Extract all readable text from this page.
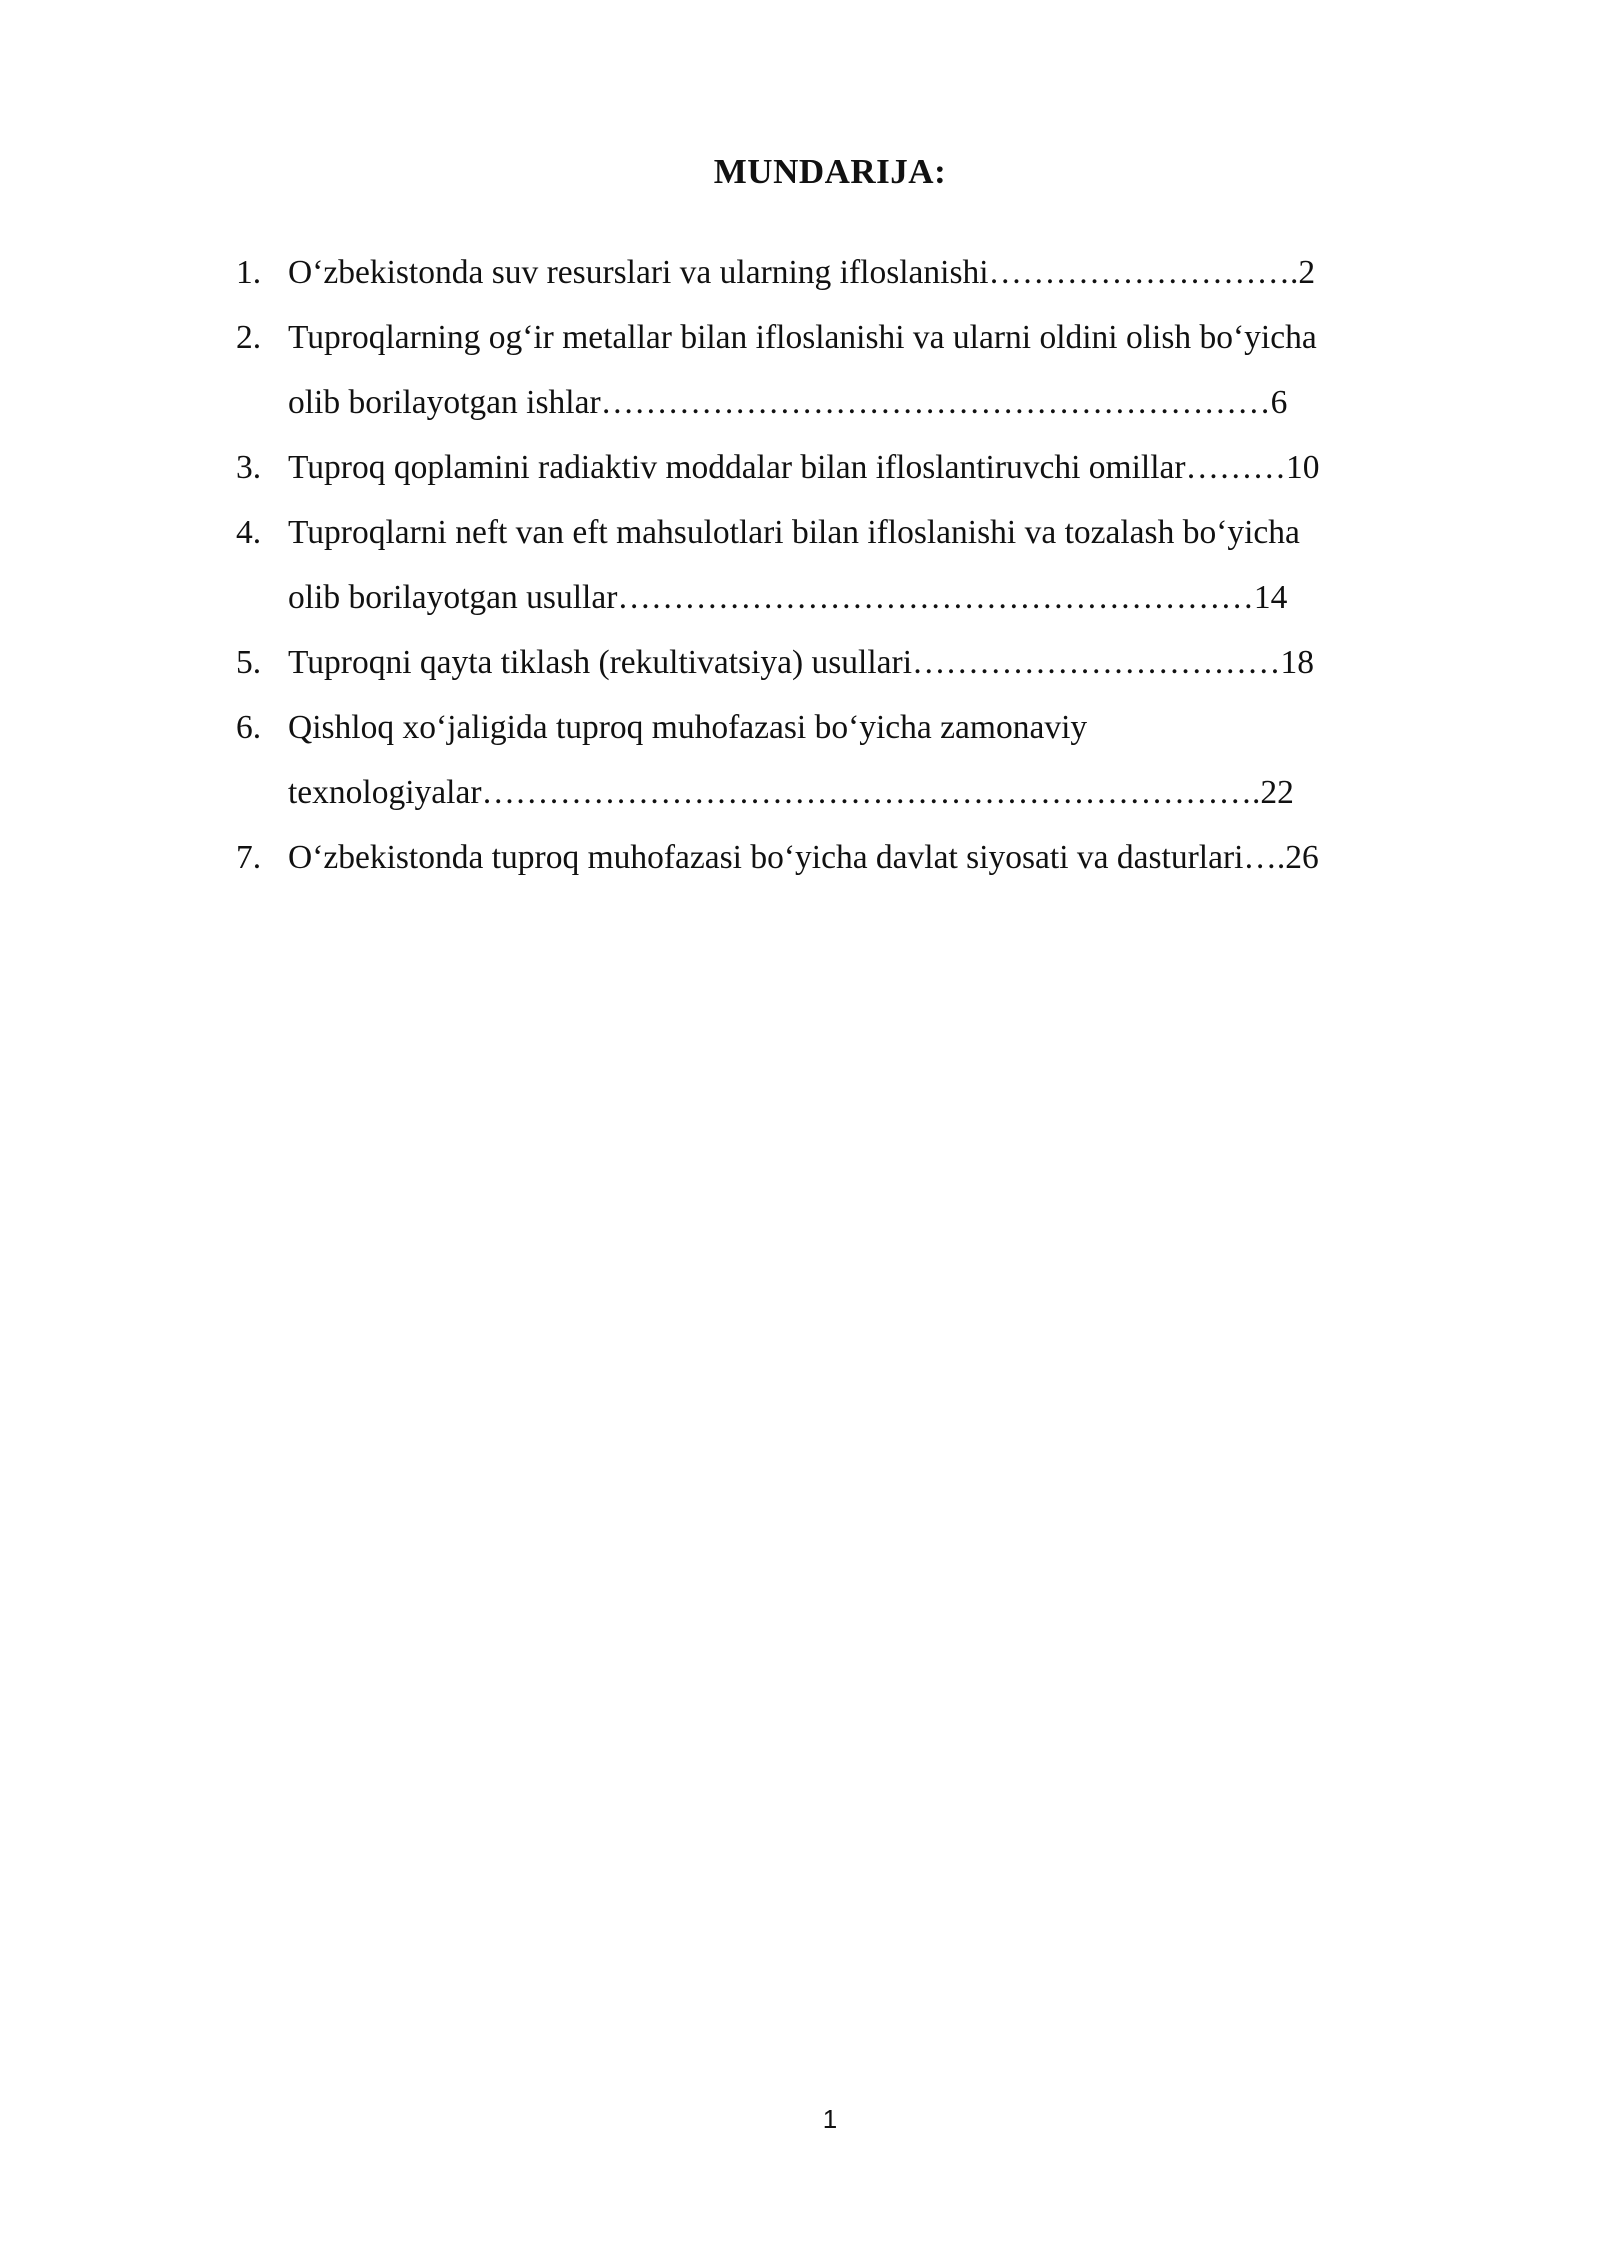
MUNDARIJA:
1. O‘zbekistonda suv resurslari va ularning ifloslanishi……………………….2
2. Tuproqlarning og‘ir metallar bilan ifloslanishi va ularni oldini olish bo‘yicha
olib borilayotgan ishlar……………………………………………………6
3. Tuproq qoplamini radiaktiv moddalar bilan ifloslantiruvchi omillar………10
4. Tuproqlarni neft van eft mahsulotlari bilan ifloslanishi va tozalash bo‘yicha
olib borilayotgan usullar…………………………………………………14
5. Tuproqni qayta tiklash (rekultivatsiya) usullari……………………………18
6. Qishloq xo‘jaligida tuproq muhofazasi bo‘yicha zamonaviy
texnologiyalar…………………………………………………………….22
7. O‘zbekistonda tuproq muhofazasi bo‘yicha davlat siyosati va dasturlari….26
1
